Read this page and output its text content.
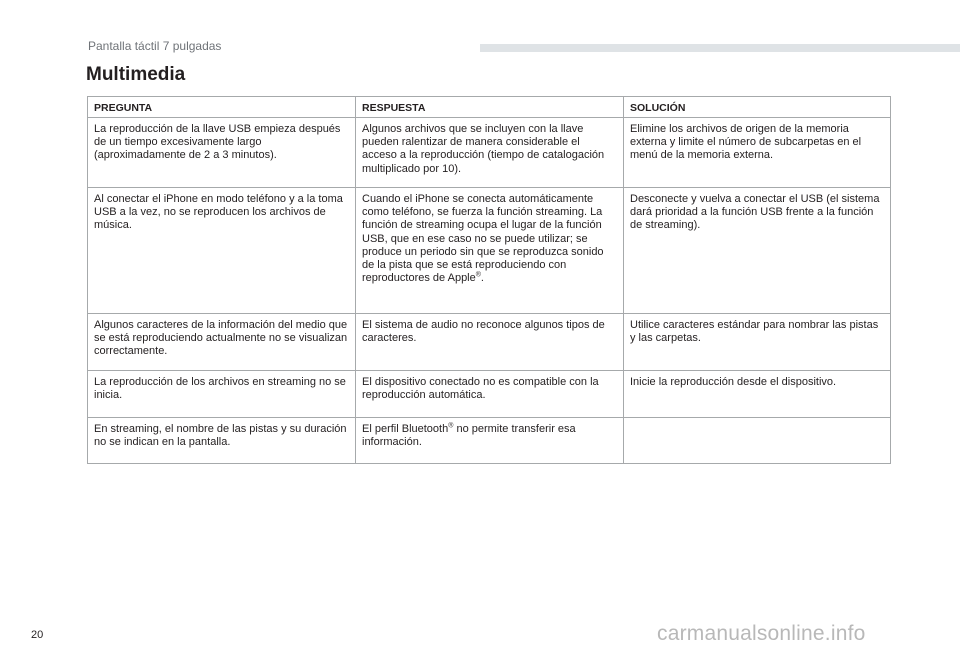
Pantalla táctil 7 pulgadas
Multimedia
PREGUNTA	RESPUESTA	SOLUCIÓN
La reproducción de la llave USB empieza después de un tiempo excesivamente largo (aproximadamente de 2 a 3 minutos).	Algunos archivos que se incluyen con la llave pueden ralentizar de manera considerable el acceso a la reproducción (tiempo de catalogación multiplicado por 10).	Elimine los archivos de origen de la memoria externa y limite el número de subcarpetas en el menú de la memoria externa.
Al conectar el iPhone en modo teléfono y a la toma USB a la vez, no se reproducen los archivos de música.	Cuando el iPhone se conecta automáticamente como teléfono, se fuerza la función streaming. La función de streaming ocupa el lugar de la función USB, que en ese caso no se puede utilizar; se produce un periodo sin que se reproduzca sonido de la pista que se está reproduciendo con reproductores de Apple®.	Desconecte y vuelva a conectar el USB (el sistema dará prioridad a la función USB frente a la función de streaming).
Algunos caracteres de la información del medio que se está reproduciendo actualmente no se visualizan correctamente.	El sistema de audio no reconoce algunos tipos de caracteres.	Utilice caracteres estándar para nombrar las pistas y las carpetas.
La reproducción de los archivos en streaming no se inicia.	El dispositivo conectado no es compatible con la reproducción automática.	Inicie la reproducción desde el dispositivo.
En streaming, el nombre de las pistas y su duración no se indican en la pantalla.	El perfil Bluetooth® no permite transferir esa información.	
20	carmanualsonline.info
